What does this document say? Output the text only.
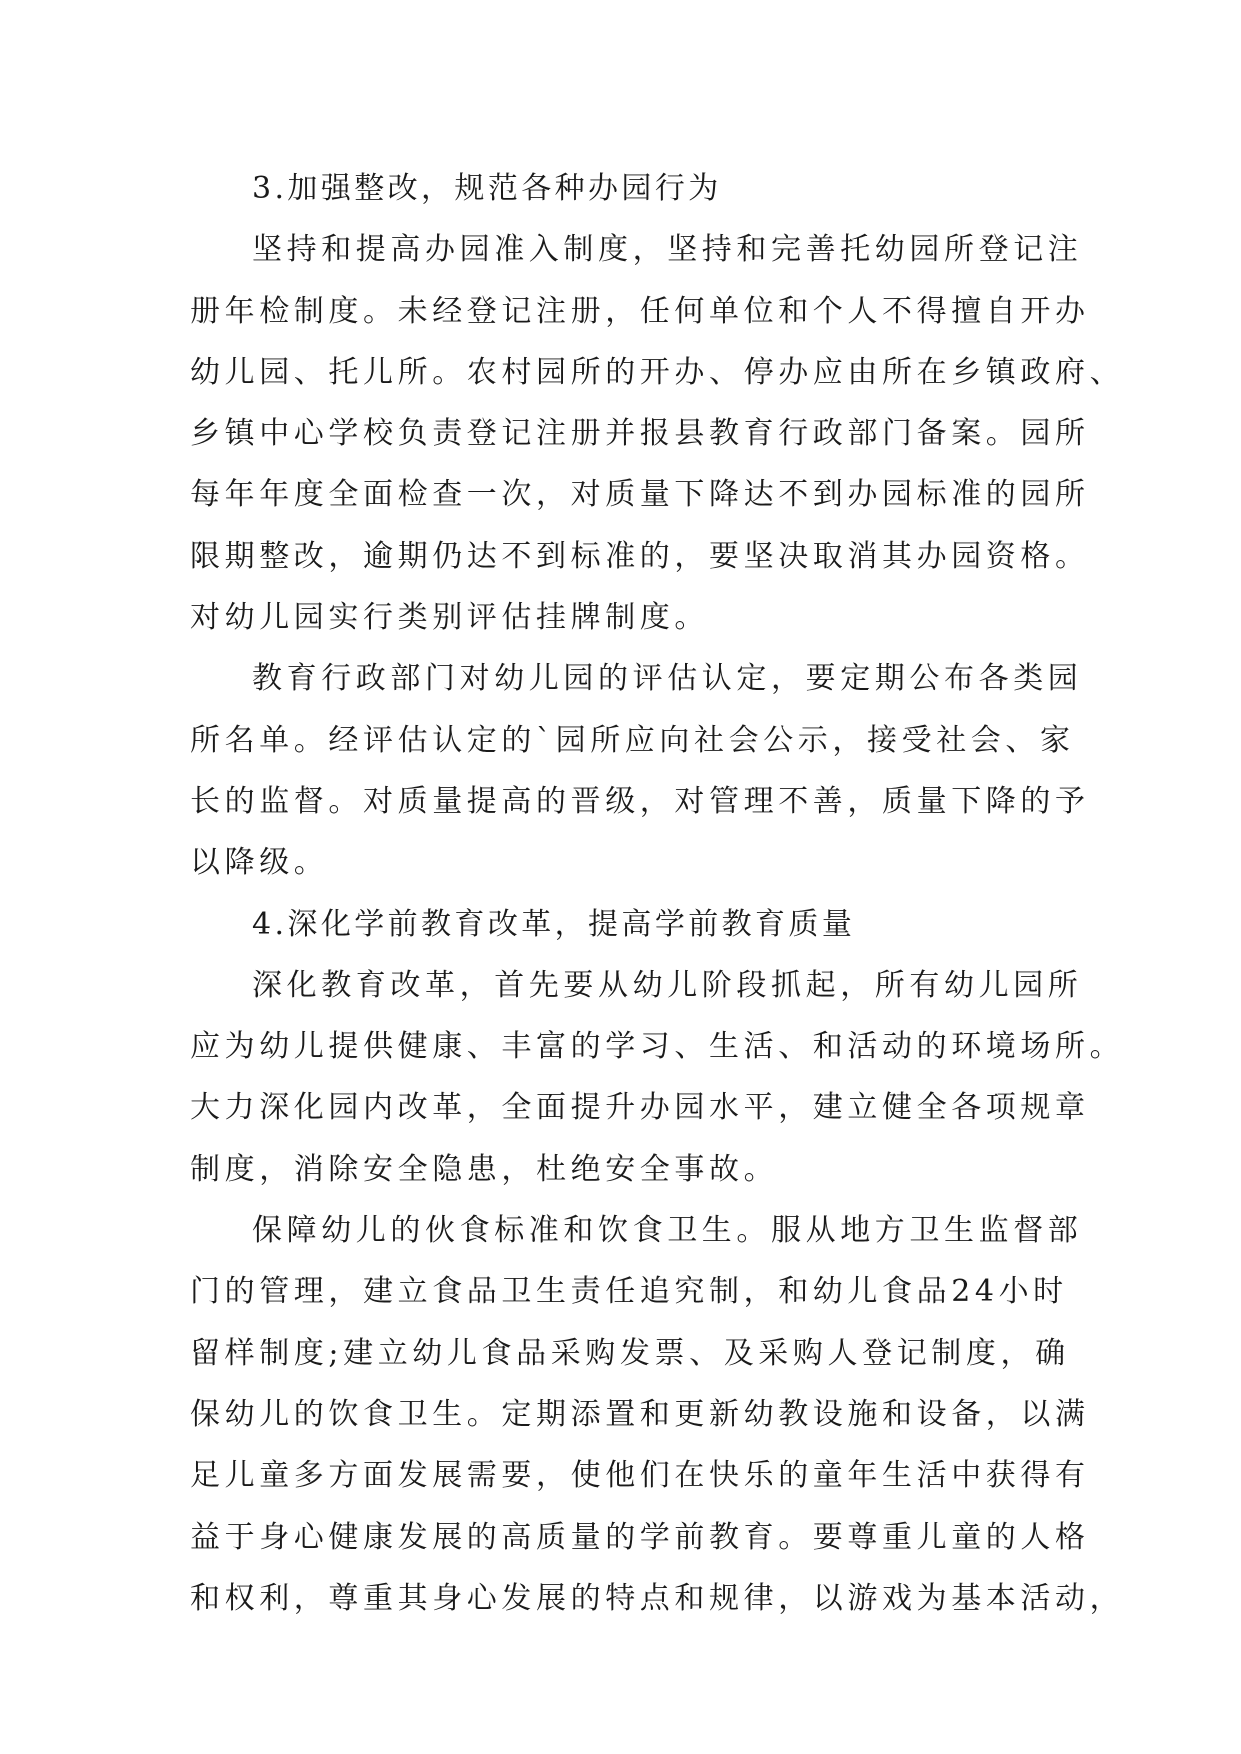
3.加强整改，规范各种办园行为
坚持和提高办园准入制度，坚持和完善托幼园所登记注
册年检制度。未经登记注册，任何单位和个人不得擅自开办
幼儿园、托儿所。农村园所的开办、停办应由所在乡镇政府、
乡镇中心学校负责登记注册并报县教育行政部门备案。园所
每年年度全面检查一次，对质量下降达不到办园标准的园所
限期整改，逾期仍达不到标准的，要坚决取消其办园资格。
对幼儿园实行类别评估挂牌制度。
教育行政部门对幼儿园的评估认定，要定期公布各类园
所名单。经评估认定的`园所应向社会公示，接受社会、家
长的监督。对质量提高的晋级，对管理不善，质量下降的予
以降级。
4.深化学前教育改革，提高学前教育质量
深化教育改革，首先要从幼儿阶段抓起，所有幼儿园所
应为幼儿提供健康、丰富的学习、生活、和活动的环境场所。
大力深化园内改革，全面提升办园水平，建立健全各项规章
制度，消除安全隐患，杜绝安全事故。
保障幼儿的伙食标准和饮食卫生。服从地方卫生监督部
门的管理，建立食品卫生责任追究制，和幼儿食品24小时
留样制度;建立幼儿食品采购发票、及采购人登记制度，确
保幼儿的饮食卫生。定期添置和更新幼教设施和设备，以满
足儿童多方面发展需要，使他们在快乐的童年生活中获得有
益于身心健康发展的高质量的学前教育。要尊重儿童的人格
和权利，尊重其身心发展的特点和规律，以游戏为基本活动，
